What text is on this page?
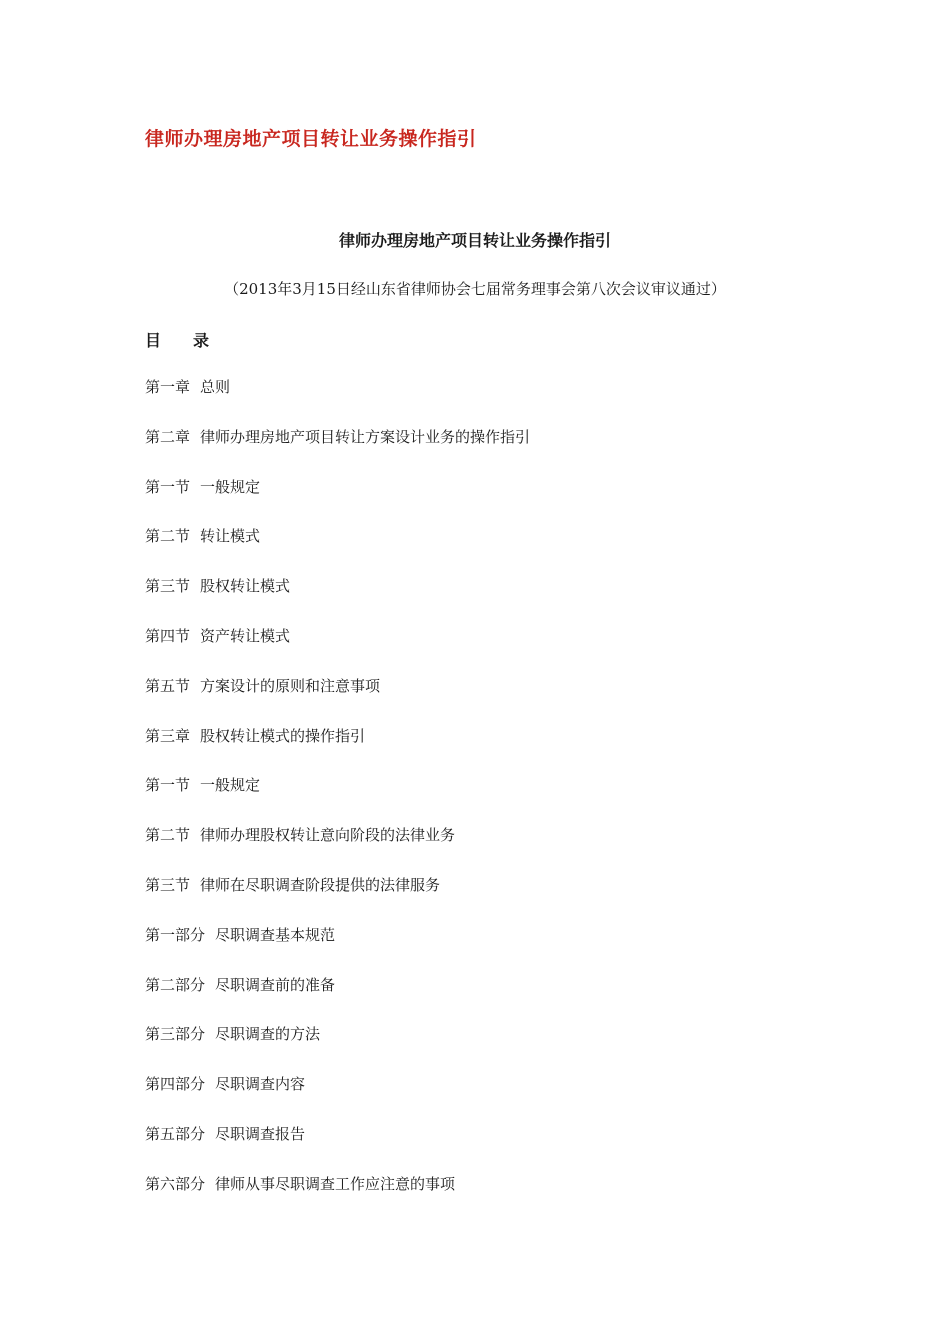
律师办理房地产项目转让业务操作指引
律师办理房地产项目转让业务操作指引
（2013年3月15日经山东省律师协会七届常务理事会第八次会议审议通过）
目 录
第一章 总则
第二章 律师办理房地产项目转让方案设计业务的操作指引
第一节 一般规定
第二节 转让模式
第三节 股权转让模式
第四节 资产转让模式
第五节 方案设计的原则和注意事项
第三章 股权转让模式的操作指引
第一节 一般规定
第二节 律师办理股权转让意向阶段的法律业务
第三节 律师在尽职调查阶段提供的法律服务
第一部分 尽职调查基本规范
第二部分 尽职调查前的准备
第三部分 尽职调查的方法
第四部分 尽职调查内容
第五部分 尽职调查报告
第六部分 律师从事尽职调查工作应注意的事项
